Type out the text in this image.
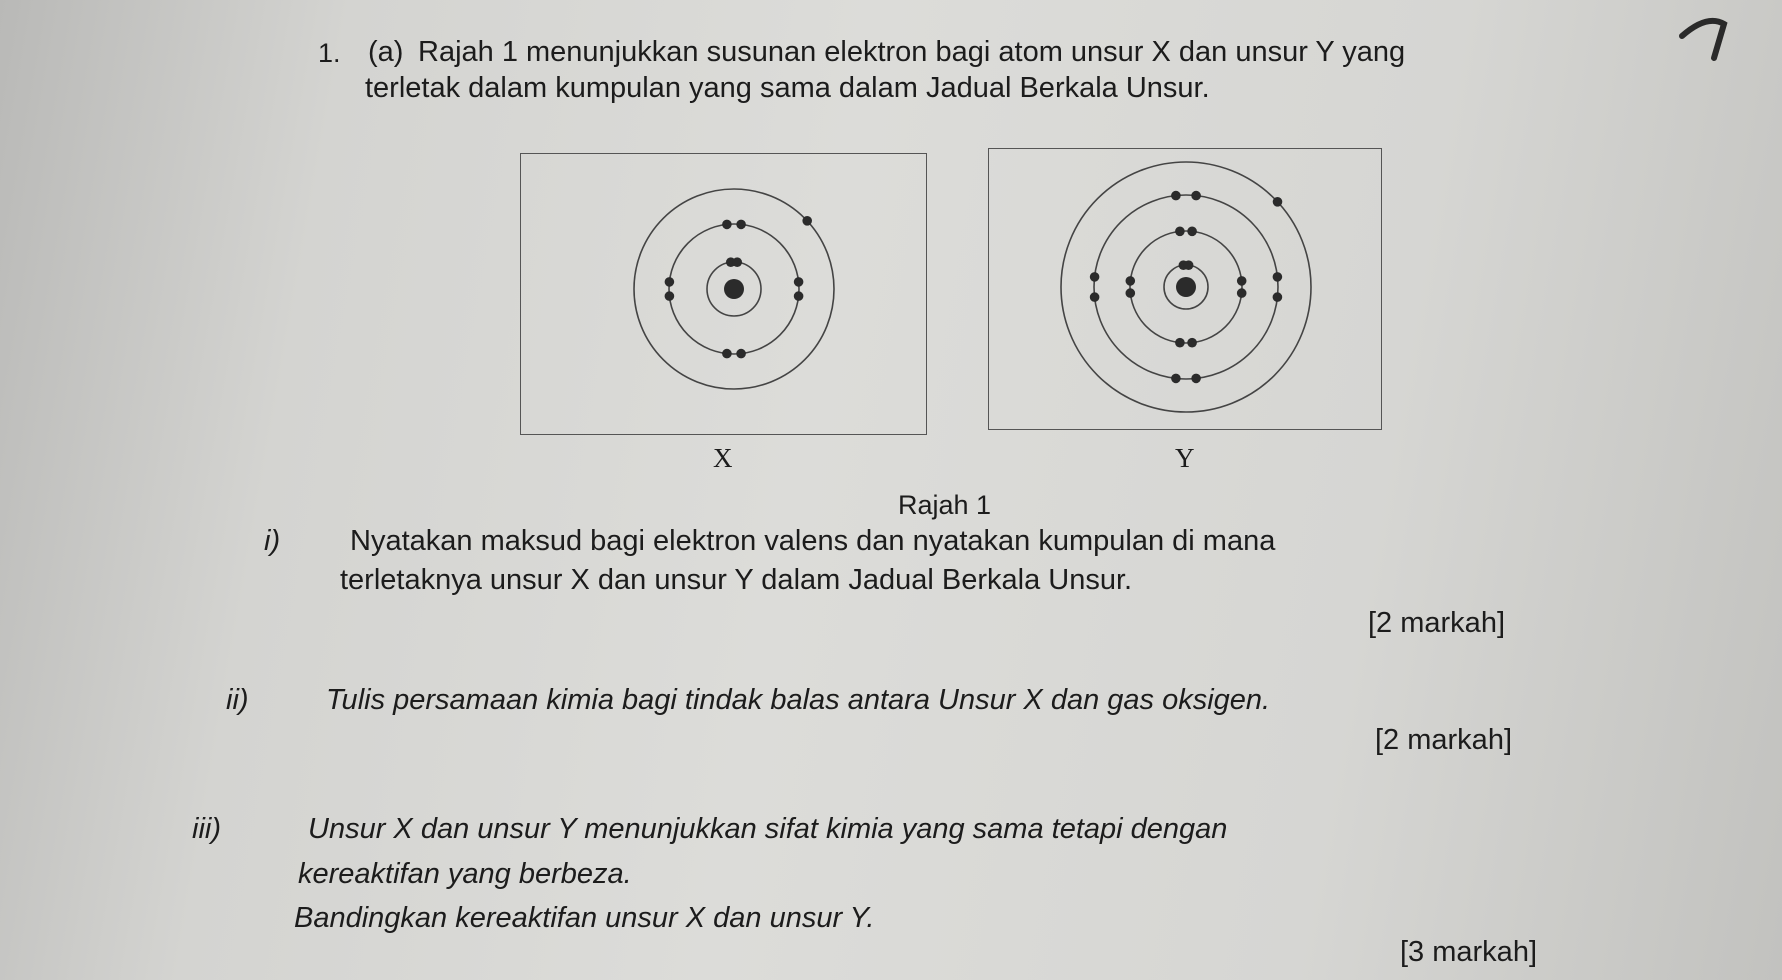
1. (a) Rajah 1 menunjukkan susunan elektron bagi atom unsur X dan unsur Y yang
terletak dalam kumpulan yang sama dalam Jadual Berkala Unsur.
X	Y
Rajah 1
i) Nyatakan maksud bagi elektron valens dan nyatakan kumpulan di mana
terletaknya unsur X dan unsur Y dalam Jadual Berkala Unsur.
[2 markah]
ii)	Tulis persamaan kimia bagi tindak balas antara Unsur X dan gas oksigen.
[2 markah]
iii)	Unsur X dan unsur Y menunjukkan sifat kimia yang sama tetapi dengan
kereaktifan yang berbeza.
Bandingkan kereaktifan unsur X dan unsur Y.
[3 markah]
